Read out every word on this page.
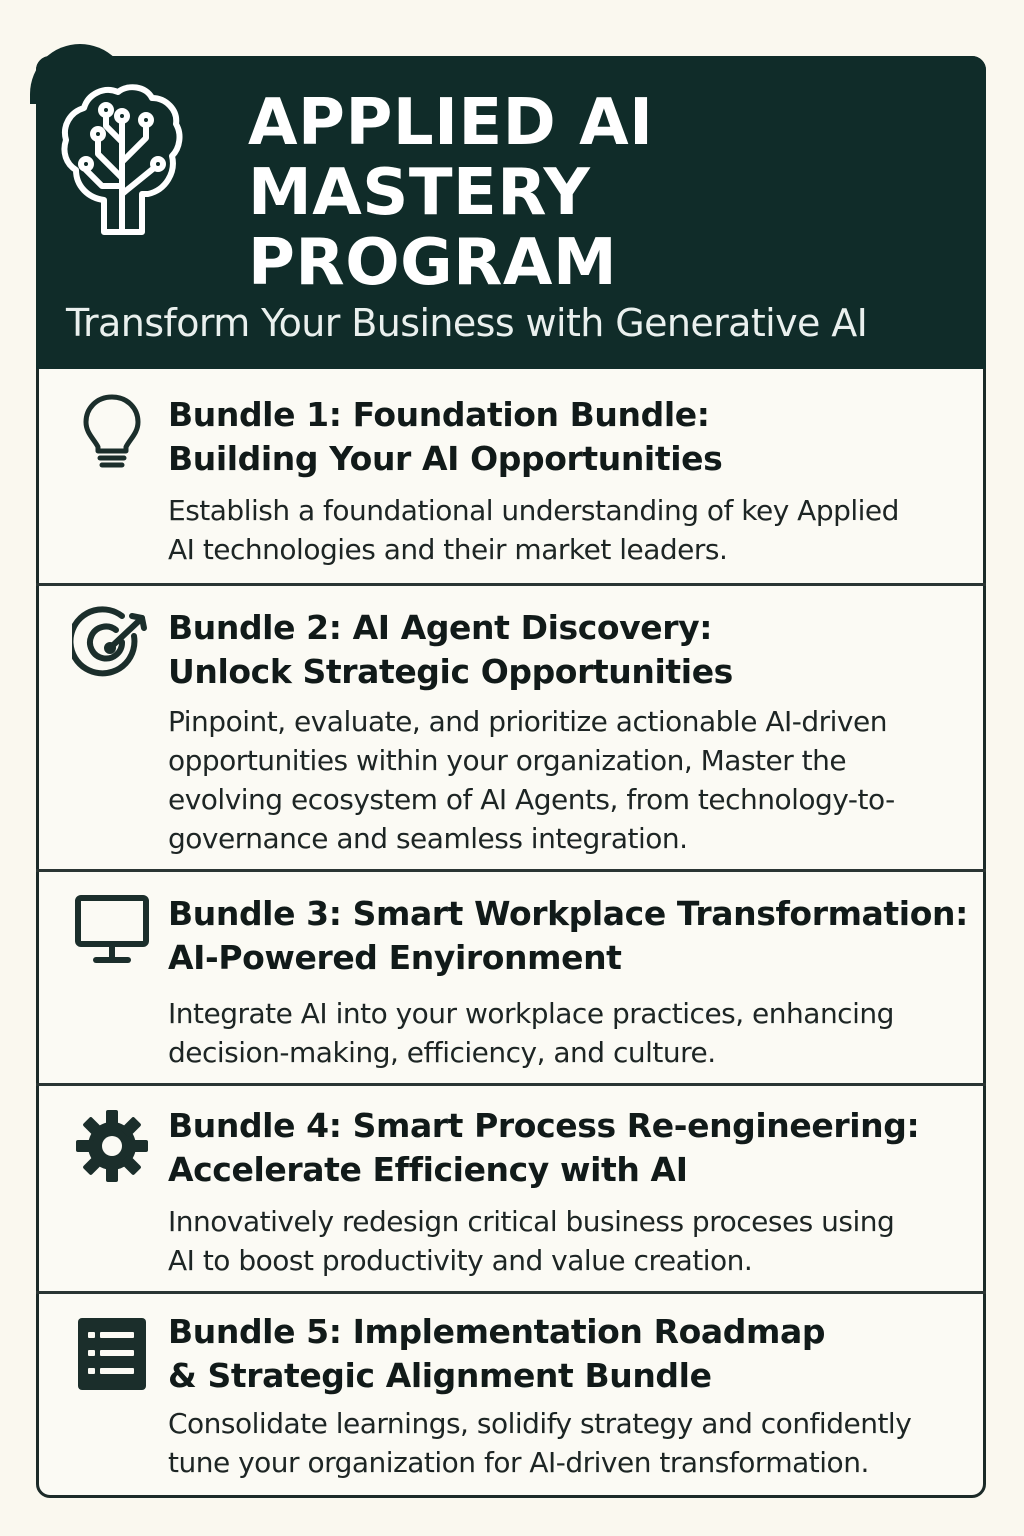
APPLIED AI
MASTERY
PROGRAM

Transform Your Business with Generative AI

Bundle 1: Foundation Bundle:
Building Your AI Opportunities

Establish a foundational understanding of key Applied
AI technologies and their market leaders.

Bundle 2: AI Agent Discovery:
Unlock Strategic Opportunities

Pinpoint, evaluate, and prioritize actionable AI-driven
opportunities within your organization, Master the
evolving ecosystem of AI Agents, from technology-to-
governance and seamless integration.

Bundle 3: Smart Workplace Transformation:
AI-Powered Enyironment

Integrate AI into your workplace practices, enhancing
decision-making, efficiency, and culture.

Bundle 4: Smart Process Re-engineering:
Accelerate Efficiency with AI

Innovatively redesign critical business proceses using
AI to boost productivity and value creation.

Bundle 5: Implementation Roadmap
& Strategic Alignment Bundle

Consolidate learnings, solidify strategy and confidently
tune your organization for AI-driven transformation.
